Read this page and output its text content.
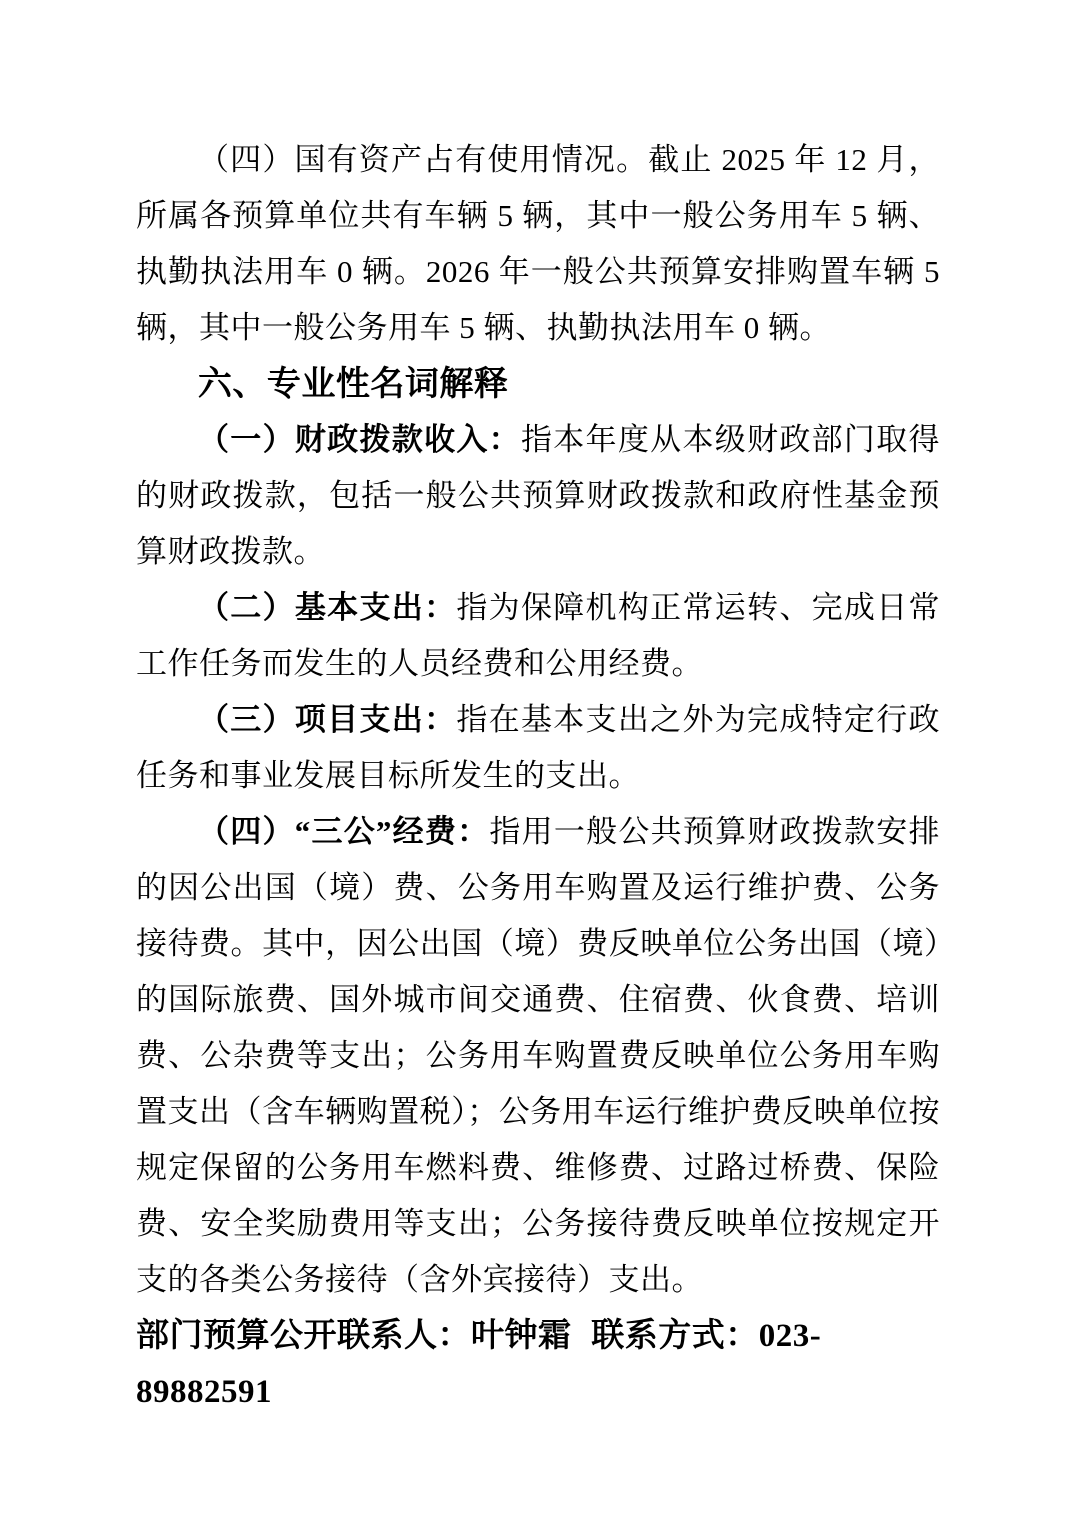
（四）国有资产占有使用情况。截止 2025 年 12 月，所属各预算单位共有车辆 5 辆，其中一般公务用车 5 辆、执勤执法用车 0 辆。2026 年一般公共预算安排购置车辆 5 辆，其中一般公务用车 5 辆、执勤执法用车 0 辆。

六、专业性名词解释

（一）财政拨款收入：指本年度从本级财政部门取得的财政拨款，包括一般公共预算财政拨款和政府性基金预算财政拨款。

（二）基本支出：指为保障机构正常运转、完成日常工作任务而发生的人员经费和公用经费。

（三）项目支出：指在基本支出之外为完成特定行政任务和事业发展目标所发生的支出。

（四）“三公”经费：指用一般公共预算财政拨款安排的因公出国（境）费、公务用车购置及运行维护费、公务接待费。其中，因公出国（境）费反映单位公务出国（境）的国际旅费、国外城市间交通费、住宿费、伙食费、培训费、公杂费等支出；公务用车购置费反映单位公务用车购置支出（含车辆购置税）；公务用车运行维护费反映单位按规定保留的公务用车燃料费、维修费、过路过桥费、保险费、安全奖励费用等支出；公务接待费反映单位按规定开支的各类公务接待（含外宾接待）支出。

部门预算公开联系人：叶钟霜 联系方式：023-89882591
